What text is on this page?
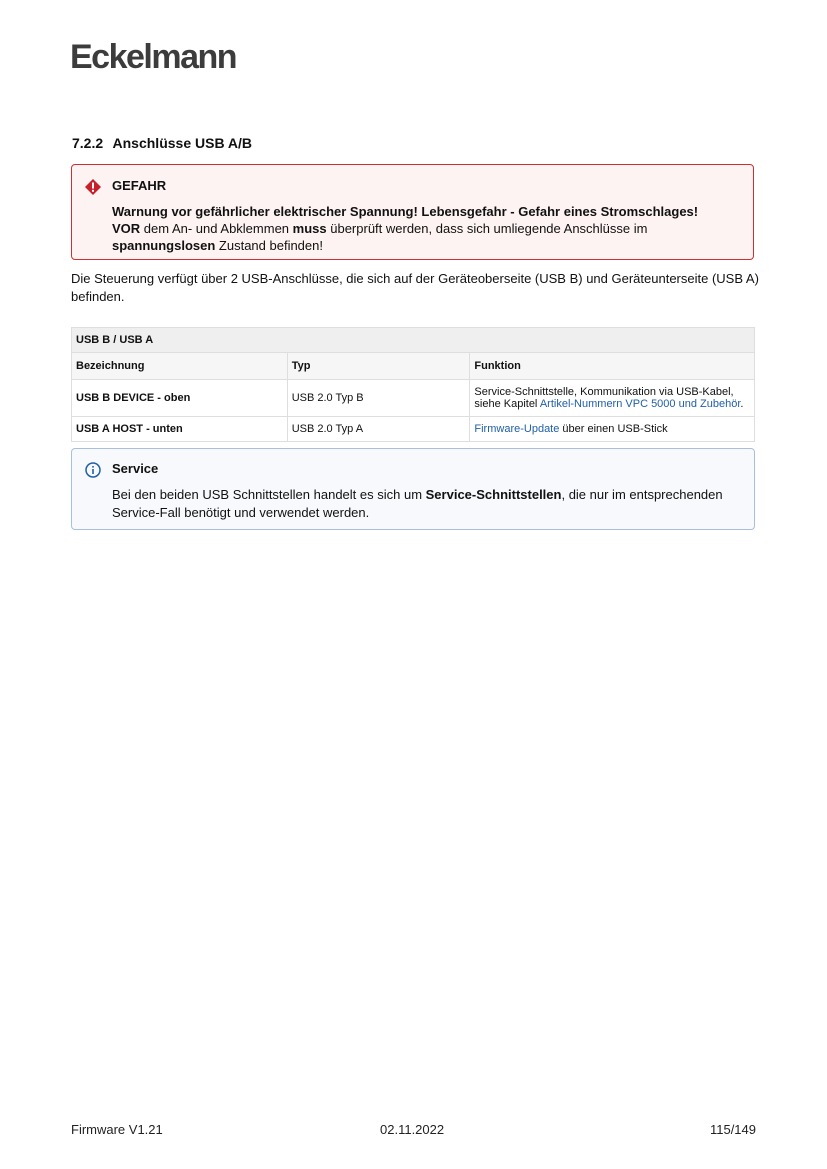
Eckelmann
7.2.2 Anschlüsse USB A/B
GEFAHR
Warnung vor gefährlicher elektrischer Spannung! Lebensgefahr - Gefahr eines Stromschlages!
VOR dem An- und Abklemmen muss überprüft werden, dass sich umliegende Anschlüsse im spannungslosen Zustand befinden!
Die Steuerung verfügt über 2 USB-Anschlüsse, die sich auf der Geräteoberseite (USB B) und Geräteunterseite (USB A) befinden.
USB B / USB A		
Bezeichnung	Typ	Funktion
USB B DEVICE - oben	USB 2.0 Typ B	Service-Schnittstelle, Kommunikation via USB-Kabel, siehe Kapitel Artikel-Nummern VPC 5000 und Zubehör.
USB A HOST - unten	USB 2.0 Typ A	Firmware-Update über einen USB-Stick
Service
Bei den beiden USB Schnittstellen handelt es sich um Service-Schnittstellen, die nur im entsprechenden Service-Fall benötigt und verwendet werden.
Firmware V1.21	02.11.2022	115/149
